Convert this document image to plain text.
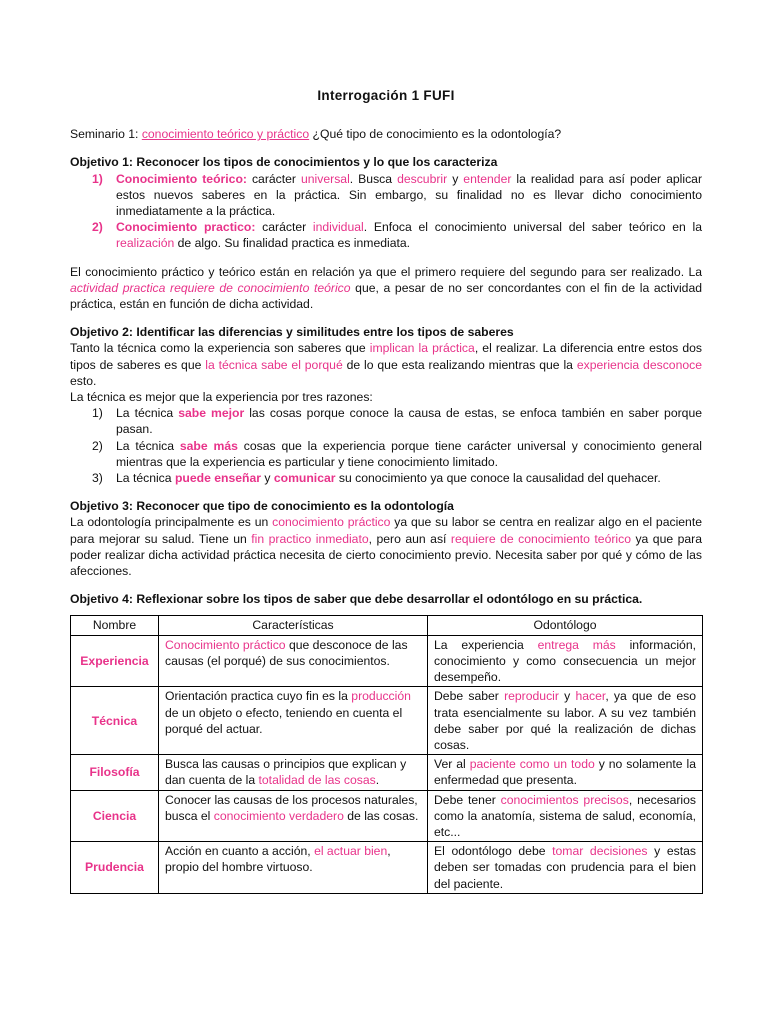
Interrogación 1 FUFI

Seminario 1: conocimiento teórico y práctico ¿Qué tipo de conocimiento es la odontología?

Objetivo 1: Reconocer los tipos de conocimientos y lo que los caracteriza

1) Conocimiento teórico: carácter universal. Busca descubrir y entender la realidad para así poder aplicar estos nuevos saberes en la práctica. Sin embargo, su finalidad no es llevar dicho conocimiento inmediatamente a la práctica.
2) Conocimiento practico: carácter individual. Enfoca el conocimiento universal del saber teórico en la realización de algo. Su finalidad practica es inmediata.

El conocimiento práctico y teórico están en relación ya que el primero requiere del segundo para ser realizado. La actividad practica requiere de conocimiento teórico que, a pesar de no ser concordantes con el fin de la actividad práctica, están en función de dicha actividad.

Objetivo 2: Identificar las diferencias y similitudes entre los tipos de saberes

Tanto la técnica como la experiencia son saberes que implican la práctica, el realizar. La diferencia entre estos dos tipos de saberes es que la técnica sabe el porqué de lo que esta realizando mientras que la experiencia desconoce esto.

La técnica es mejor que la experiencia por tres razones:

1) La técnica sabe mejor las cosas porque conoce la causa de estas, se enfoca también en saber porque pasan.
2) La técnica sabe más cosas que la experiencia porque tiene carácter universal y conocimiento general mientras que la experiencia es particular y tiene conocimiento limitado.
3) La técnica puede enseñar y comunicar su conocimiento ya que conoce la causalidad del quehacer.

Objetivo 3: Reconocer que tipo de conocimiento es la odontología

La odontología principalmente es un conocimiento práctico ya que su labor se centra en realizar algo en el paciente para mejorar su salud. Tiene un fin practico inmediato, pero aun así requiere de conocimiento teórico ya que para poder realizar dicha actividad práctica necesita de cierto conocimiento previo. Necesita saber por qué y cómo de las afecciones.

Objetivo 4: Reflexionar sobre los tipos de saber que debe desarrollar el odontólogo en su práctica.

Nombre	Características	Odontólogo
Experiencia	Conocimiento práctico que desconoce de las causas (el porqué) de sus conocimientos.	La experiencia entrega más información, conocimiento y como consecuencia un mejor desempeño.
Técnica	Orientación practica cuyo fin es la producción de un objeto o efecto, teniendo en cuenta el porqué del actuar.	Debe saber reproducir y hacer, ya que de eso trata esencialmente su labor. A su vez también debe saber por qué la realización de dichas cosas.
Filosofía	Busca las causas o principios que explican y dan cuenta de la totalidad de las cosas.	Ver al paciente como un todo y no solamente la enfermedad que presenta.
Ciencia	Conocer las causas de los procesos naturales, busca el conocimiento verdadero de las cosas.	Debe tener conocimientos precisos, necesarios como la anatomía, sistema de salud, economía, etc...
Prudencia	Acción en cuanto a acción, el actuar bien, propio del hombre virtuoso.	El odontólogo debe tomar decisiones y estas deben ser tomadas con prudencia para el bien del paciente.
